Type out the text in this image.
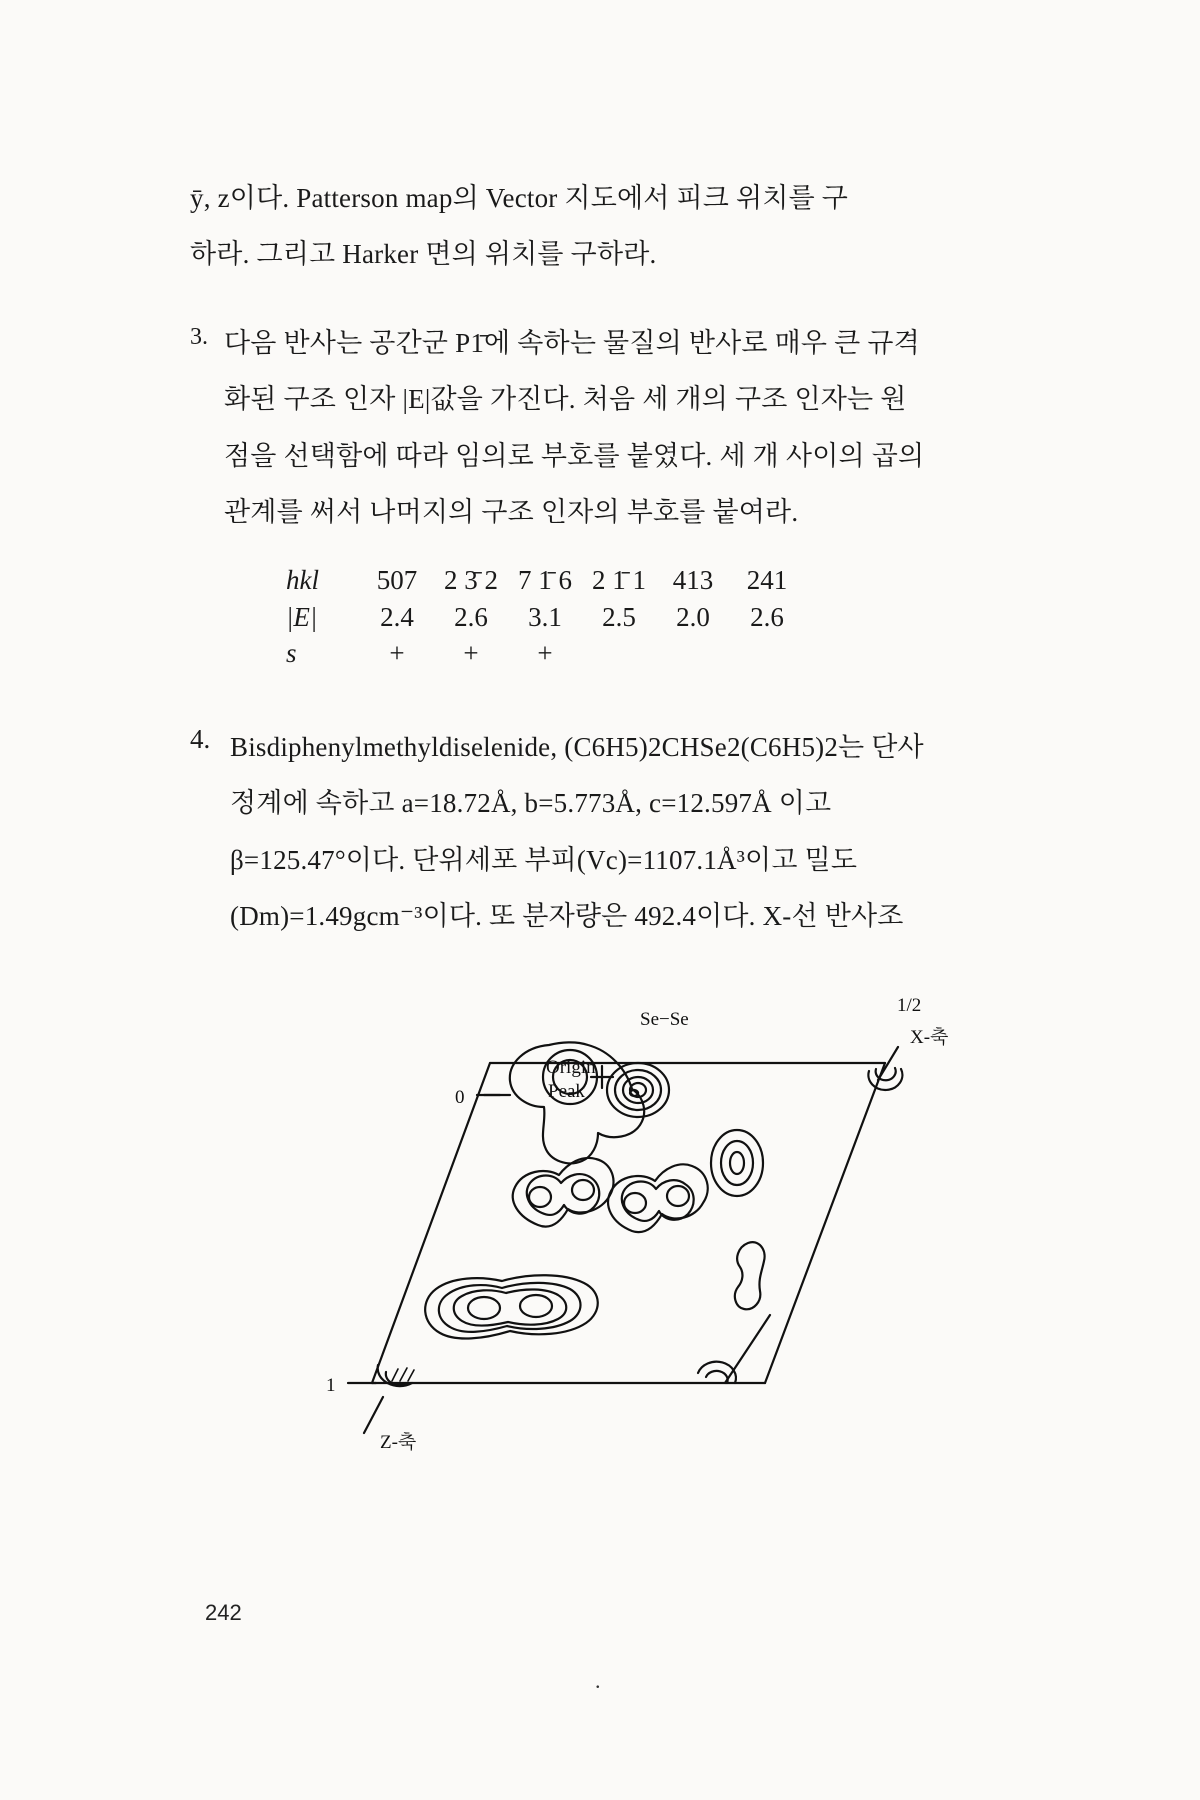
ȳ, z이다. Patterson map의 Vector 지도에서 피크 위치를 구

하라. 그리고 Harker 면의 위치를 구하라.

3. 다음 반사는 공간군 P1̄에 속하는 물질의 반사로 매우 큰 규격

화된 구조 인자 |E|값을 가진다. 처음 세 개의 구조 인자는 원

점을 선택함에 따라 임의로 부호를 붙였다. 세 개 사이의 곱의

관계를 써서 나머지의 구조 인자의 부호를 붙여라.

hkl	507	2 3̄ 2	7 1̄ 6	2 1̄ 1	413	241
|E|	2.4	2.6	3.1	2.5	2.0	2.6
s	+	+	+			
4. Bisdiphenylmethyldiselenide, (C6H5)2CHSe2(C6H5)2는 단사

정계에 속하고 a=18.72Å, b=5.773Å, c=12.597Å 이고

β=125.47°이다. 단위세포 부피(Vc)=1107.1Å³이고 밀도

(Dm)=1.49gcm⁻³이다. 또 분자량은 492.4이다. X-선 반사조

Origin
Peak
Se−Se
1/2
X-축
Z-축
0
1
242
.
